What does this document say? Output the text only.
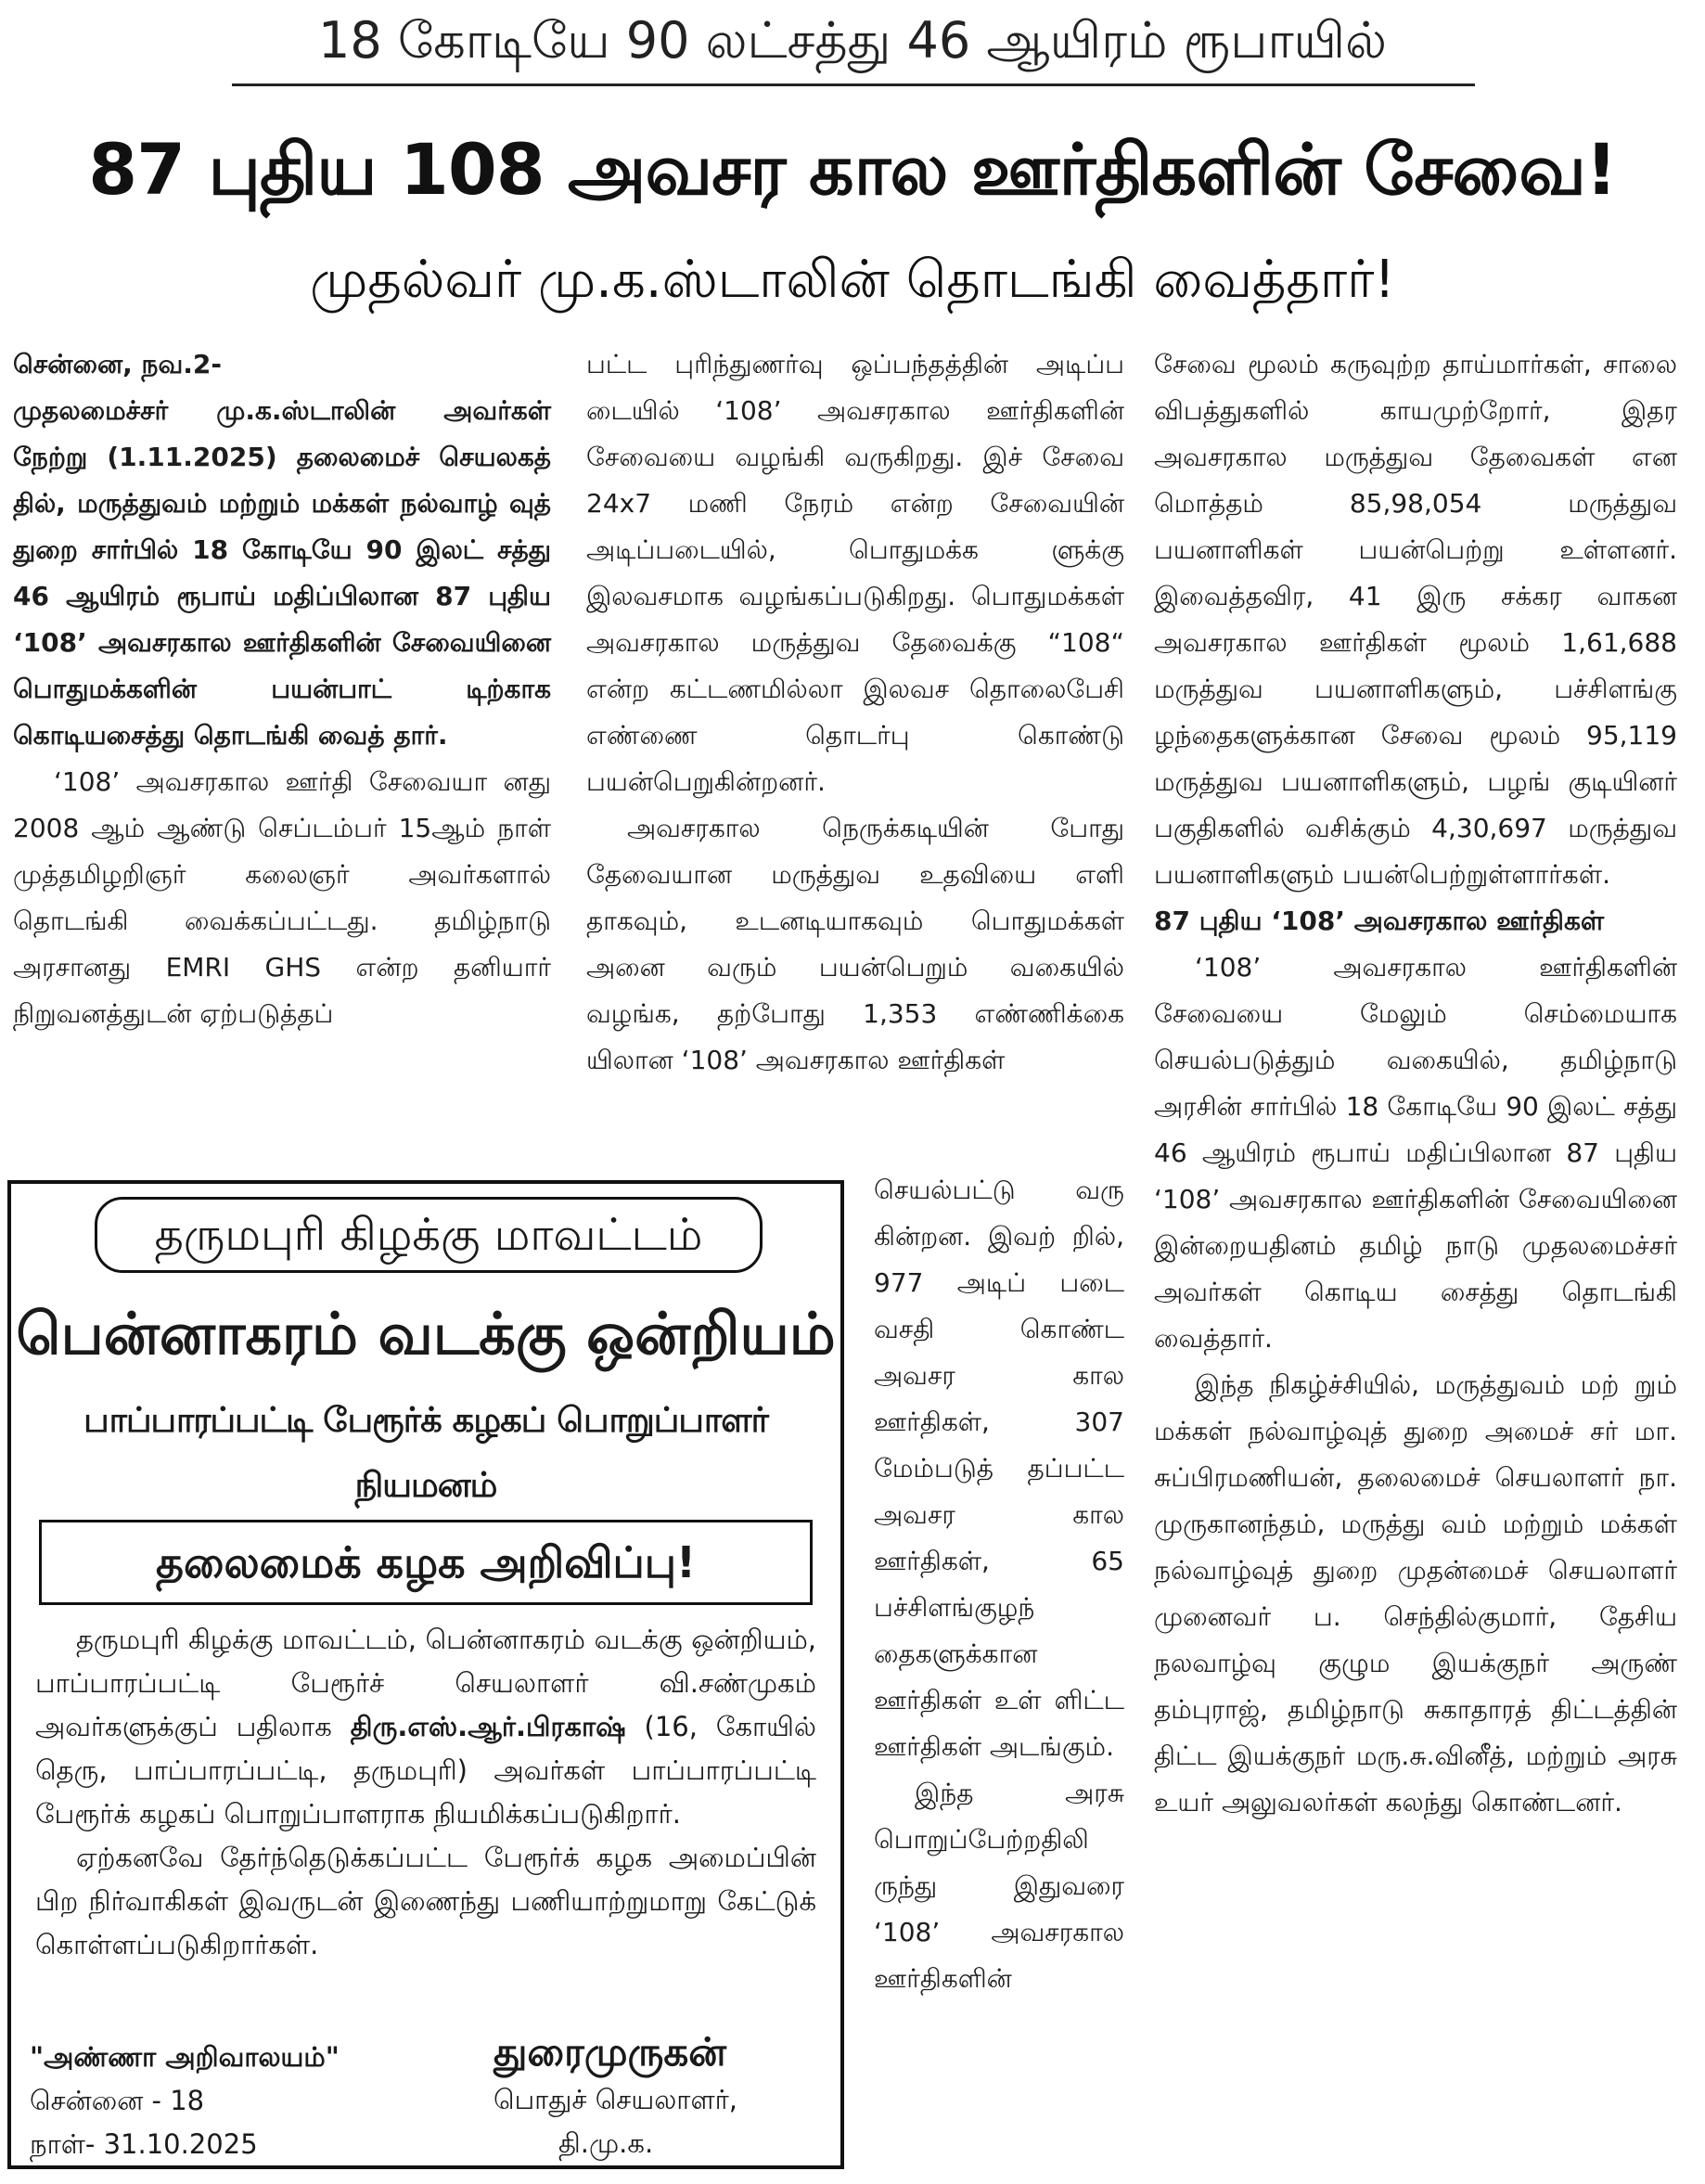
18 கோடியே 90 லட்சத்து 46 ஆயிரம் ரூபாயில்
87 புதிய 108 அவசர கால ஊர்திகளின் சேவை!
முதல்வர் மு.க.ஸ்டாலின் தொடங்கி வைத்தார்!

சென்னை, நவ.2-

முதலமைச்சர் மு.க.ஸ்டாலின் அவர்கள் நேற்று (1.11.2025) தலைமைச் செயலகத் தில், மருத்துவம் மற்றும் மக்கள் நல்வாழ் வுத் துறை சார்பில் 18 கோடியே 90 இலட் சத்து 46 ஆயிரம் ரூபாய் மதிப்பிலான 87 புதிய ‘108’ அவசரகால ஊர்திகளின் சேவையினை பொதுமக்களின் பயன்பாட் டிற்காக கொடியசைத்து தொடங்கி வைத் தார்.

‘108’ அவசரகால ஊர்தி சேவையா னது 2008 ஆம் ஆண்டு செப்டம்பர் 15ஆம் நாள் முத்தமிழறிஞர் கலைஞர் அவர்களால் தொடங்கி வைக்கப்பட்டது. தமிழ்நாடு அரசானது EMRI GHS என்ற தனியார் நிறுவனத்துடன் ஏற்படுத்தப்

பட்ட புரிந்துணர்வு ஒப்பந்தத்தின் அடிப்ப டையில் ‘108’ அவசரகால ஊர்திகளின் சேவையை வழங்கி வருகிறது. இச் சேவை 24x7 மணி நேரம் என்ற சேவையின் அடிப்படையில், பொதுமக்க ளுக்கு இலவசமாக வழங்கப்படுகிறது. பொதுமக்கள் அவசரகால மருத்துவ தேவைக்கு “108“ என்ற கட்டணமில்லா இலவச தொலைபேசி எண்ணை தொடர்பு கொண்டு பயன்பெறுகின்றனர்.

அவசரகால நெருக்கடியின் போது தேவையான மருத்துவ உதவியை எளி தாகவும், உடனடியாகவும் பொதுமக்கள் அனை வரும் பயன்பெறும் வகையில் வழங்க, தற்போது 1,353 எண்ணிக்கை யிலான ‘108’ அவசரகால ஊர்திகள்

செயல்பட்டு வரு கின்றன. இவற் றில், 977 அடிப் படை வசதி கொண்ட அவசர கால ஊர்திகள், 307 மேம்படுத் தப்பட்ட அவசர கால ஊர்திகள், 65 பச்சிளங்குழந் தைகளுக்கான ஊர்திகள் உள் ளிட்ட ஊர்திகள் அடங்கும்.

இந்த அரசு பொறுப்பேற்றதிலி ருந்து இதுவரை ‘108’ அவசரகால ஊர்திகளின்

சேவை மூலம் கருவுற்ற தாய்மார்கள், சாலை விபத்துகளில் காயமுற்றோர், இதர அவசரகால மருத்துவ தேவைகள் என மொத்தம் 85,98,054 மருத்துவ பயனாளிகள் பயன்பெற்று உள்ளனர். இவைத்தவிர, 41 இரு சக்கர வாகன அவசரகால ஊர்திகள் மூலம் 1,61,688 மருத்துவ பயனாளிகளும், பச்சிளங்கு ழந்தைகளுக்கான சேவை மூலம் 95,119 மருத்துவ பயனாளிகளும், பழங் குடியினர் பகுதிகளில் வசிக்கும் 4,30,697 மருத்துவ பயனாளிகளும் பயன்பெற்றுள்ளார்கள்.

87 புதிய ‘108’ அவசரகால ஊர்திகள்

‘108’ அவசரகால ஊர்திகளின் சேவையை மேலும் செம்மையாக செயல்படுத்தும் வகையில், தமிழ்நாடு அரசின் சார்பில் 18 கோடியே 90 இலட் சத்து 46 ஆயிரம் ரூபாய் மதிப்பிலான 87 புதிய ‘108’ அவசரகால ஊர்திகளின் சேவையினை இன்றையதினம் தமிழ் நாடு முதலமைச்சர் அவர்கள் கொடிய சைத்து தொடங்கி வைத்தார்.

இந்த நிகழ்ச்சியில், மருத்துவம் மற் றும் மக்கள் நல்வாழ்வுத் துறை அமைச் சர் மா. சுப்பிரமணியன், தலைமைச் செயலாளர் நா. முருகானந்தம், மருத்து வம் மற்றும் மக்கள் நல்வாழ்வுத் துறை முதன்மைச் செயலாளர் முனைவர் ப. செந்தில்குமார், தேசிய நலவாழ்வு குழும இயக்குநர் அருண் தம்புராஜ், தமிழ்நாடு சுகாதாரத் திட்டத்தின் திட்ட இயக்குநர் மரு.சு.வினீத், மற்றும் அரசு உயர் அலுவலர்கள் கலந்து கொண்டனர்.

தருமபுரி கிழக்கு மாவட்டம்
பென்னாகரம் வடக்கு ஒன்றியம்
பாப்பாரப்பட்டி பேரூர்க் கழகப் பொறுப்பாளர் நியமனம்
தலைமைக் கழக அறிவிப்பு!

தருமபுரி கிழக்கு மாவட்டம், பென்னாகரம் வடக்கு ஒன்றியம், பாப்பாரப்பட்டி பேரூர்ச் செயலாளர் வி.சண்முகம் அவர்களுக்குப் பதிலாக திரு.எஸ்.ஆர்.பிரகாஷ் (16, கோயில் தெரு, பாப்பாரப்பட்டி, தருமபுரி) அவர்கள் பாப்பாரப்பட்டி பேரூர்க் கழகப் பொறுப்பாளராக நியமிக்கப்படுகிறார்.

ஏற்கனவே தேர்ந்தெடுக்கப்பட்ட பேரூர்க் கழக அமைப்பின் பிற நிர்வாகிகள் இவருடன் இணைந்து பணியாற்றுமாறு கேட்டுக் கொள்ளப்படுகிறார்கள்.

"அண்ணா அறிவாலயம்"
சென்னை - 18
நாள்- 31.10.2025
துரைமுருகன்
பொதுச் செயலாளர்,
தி.மு.க.
